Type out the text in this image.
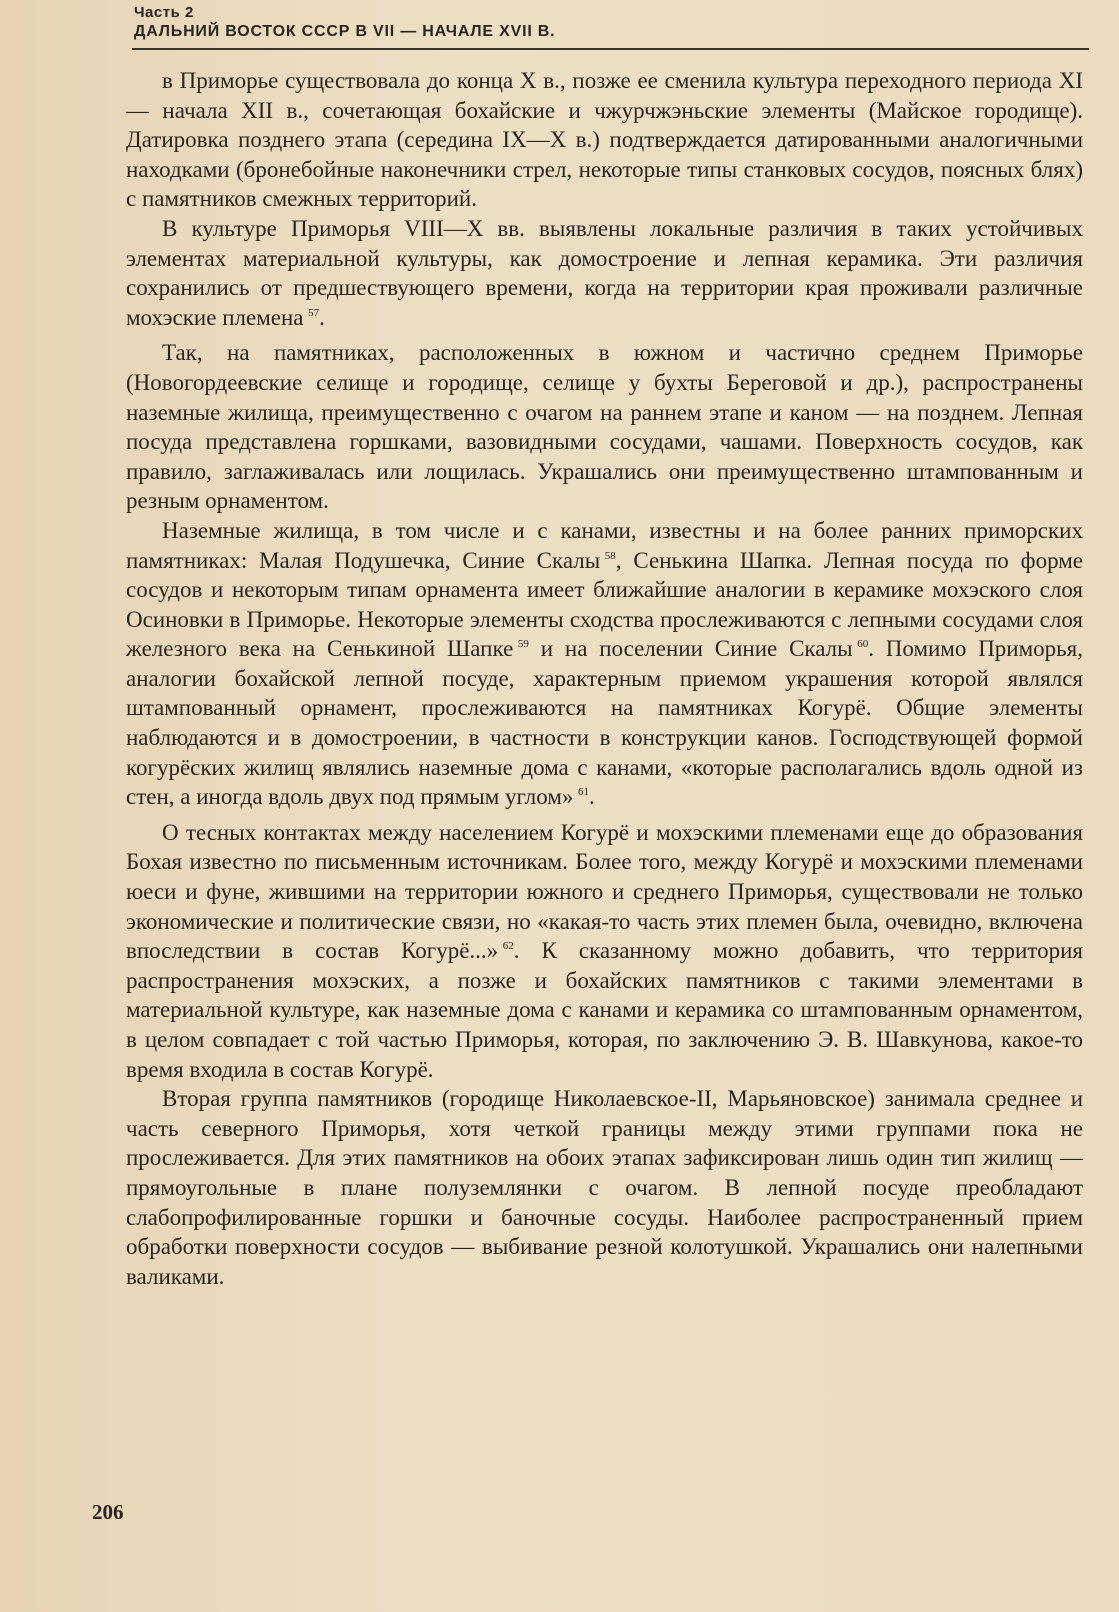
Часть 2

ДАЛЬНИЙ ВОСТОК СССР В VII — НАЧАЛЕ XVII В.

в Приморье существовала до конца X в., позже ее сменила культура переходного периода XI — начала XII в., сочетающая бохайские и чжурчжэньские элементы (Майское городище). Датировка позднего этапа (середина IX—X в.) подтверждается датированными аналогичными находками (бронебойные наконечники стрел, некоторые типы станковых сосудов, поясных блях) с памятников смежных территорий.

В культуре Приморья VIII—X вв. выявлены локальные различия в таких устойчивых элементах материальной культуры, как домостроение и лепная керамика. Эти различия сохранились от предшествующего времени, когда на территории края проживали различные мохэские племена  $^{57}$.

Так, на памятниках, расположенных в южном и частично среднем Приморье (Новогордеевские селище и городище, селище у бухты Береговой и др.), распространены наземные жилища, преимущественно с очагом на раннем этапе и каном — на позднем. Лепная посуда представлена горшками, вазовидными сосудами, чашами. Поверхность сосудов, как правило, заглаживалась или лощилась. Украшались они преимущественно штампованным и резным орнаментом.

Наземные жилища, в том числе и с канами, известны и на более ранних приморских памятниках: Малая Подушечка, Синие Скалы  $^{58}$, Сенькина Шапка. Лепная посуда по форме сосудов и некоторым типам орнамента имеет ближайшие аналогии в керамике мохэского слоя Осиновки в Приморье. Некоторые элементы сходства прослеживаются с лепными сосудами слоя железного века на Сенькиной Шапке  $^{59}$ и на поселении Синие Скалы  $^{60}$. Помимо Приморья, аналогии бохайской лепной посуде, характерным приемом украшения которой являлся штампованный орнамент, прослеживаются на памятниках Когурё. Общие элементы наблюдаются и в домостроении, в частности в конструкции канов. Господствующей формой когурёских жилищ являлись наземные дома с канами, «которые располагались вдоль одной из стен, а иногда вдоль двух под прямым углом»  $^{61}$.

О тесных контактах между населением Когурё и мохэскими племенами еще до образования Бохая известно по письменным источникам. Более того, между Когурё и мохэскими племенами юеси и фуне, жившими на территории южного и среднего Приморья, существовали не только экономические и политические связи, но «какая-то часть этих племен была, очевидно, включена впоследствии в состав Когурё...»  $^{62}$. К сказанному можно добавить, что территория распространения мохэских, а позже и бохайских памятников с такими элементами в материальной культуре, как наземные дома с канами и керамика со штампованным орнаментом, в целом совпадает с той частью Приморья, которая, по заключению Э. В. Шавкунова, какое-то время входила в состав Когурё.

Вторая группа памятников (городище Николаевское-II, Марьяновское) занимала среднее и часть северного Приморья, хотя четкой границы между этими группами пока не прослеживается. Для этих памятников на обоих этапах зафиксирован лишь один тип жилищ — прямоугольные в плане полуземлянки с очагом. В лепной посуде преобладают слабопрофилированные горшки и баночные сосуды. Наиболее распространенный прием обработки поверхности сосудов — выбивание резной колотушкой. Украшались они налепными валиками.

206
